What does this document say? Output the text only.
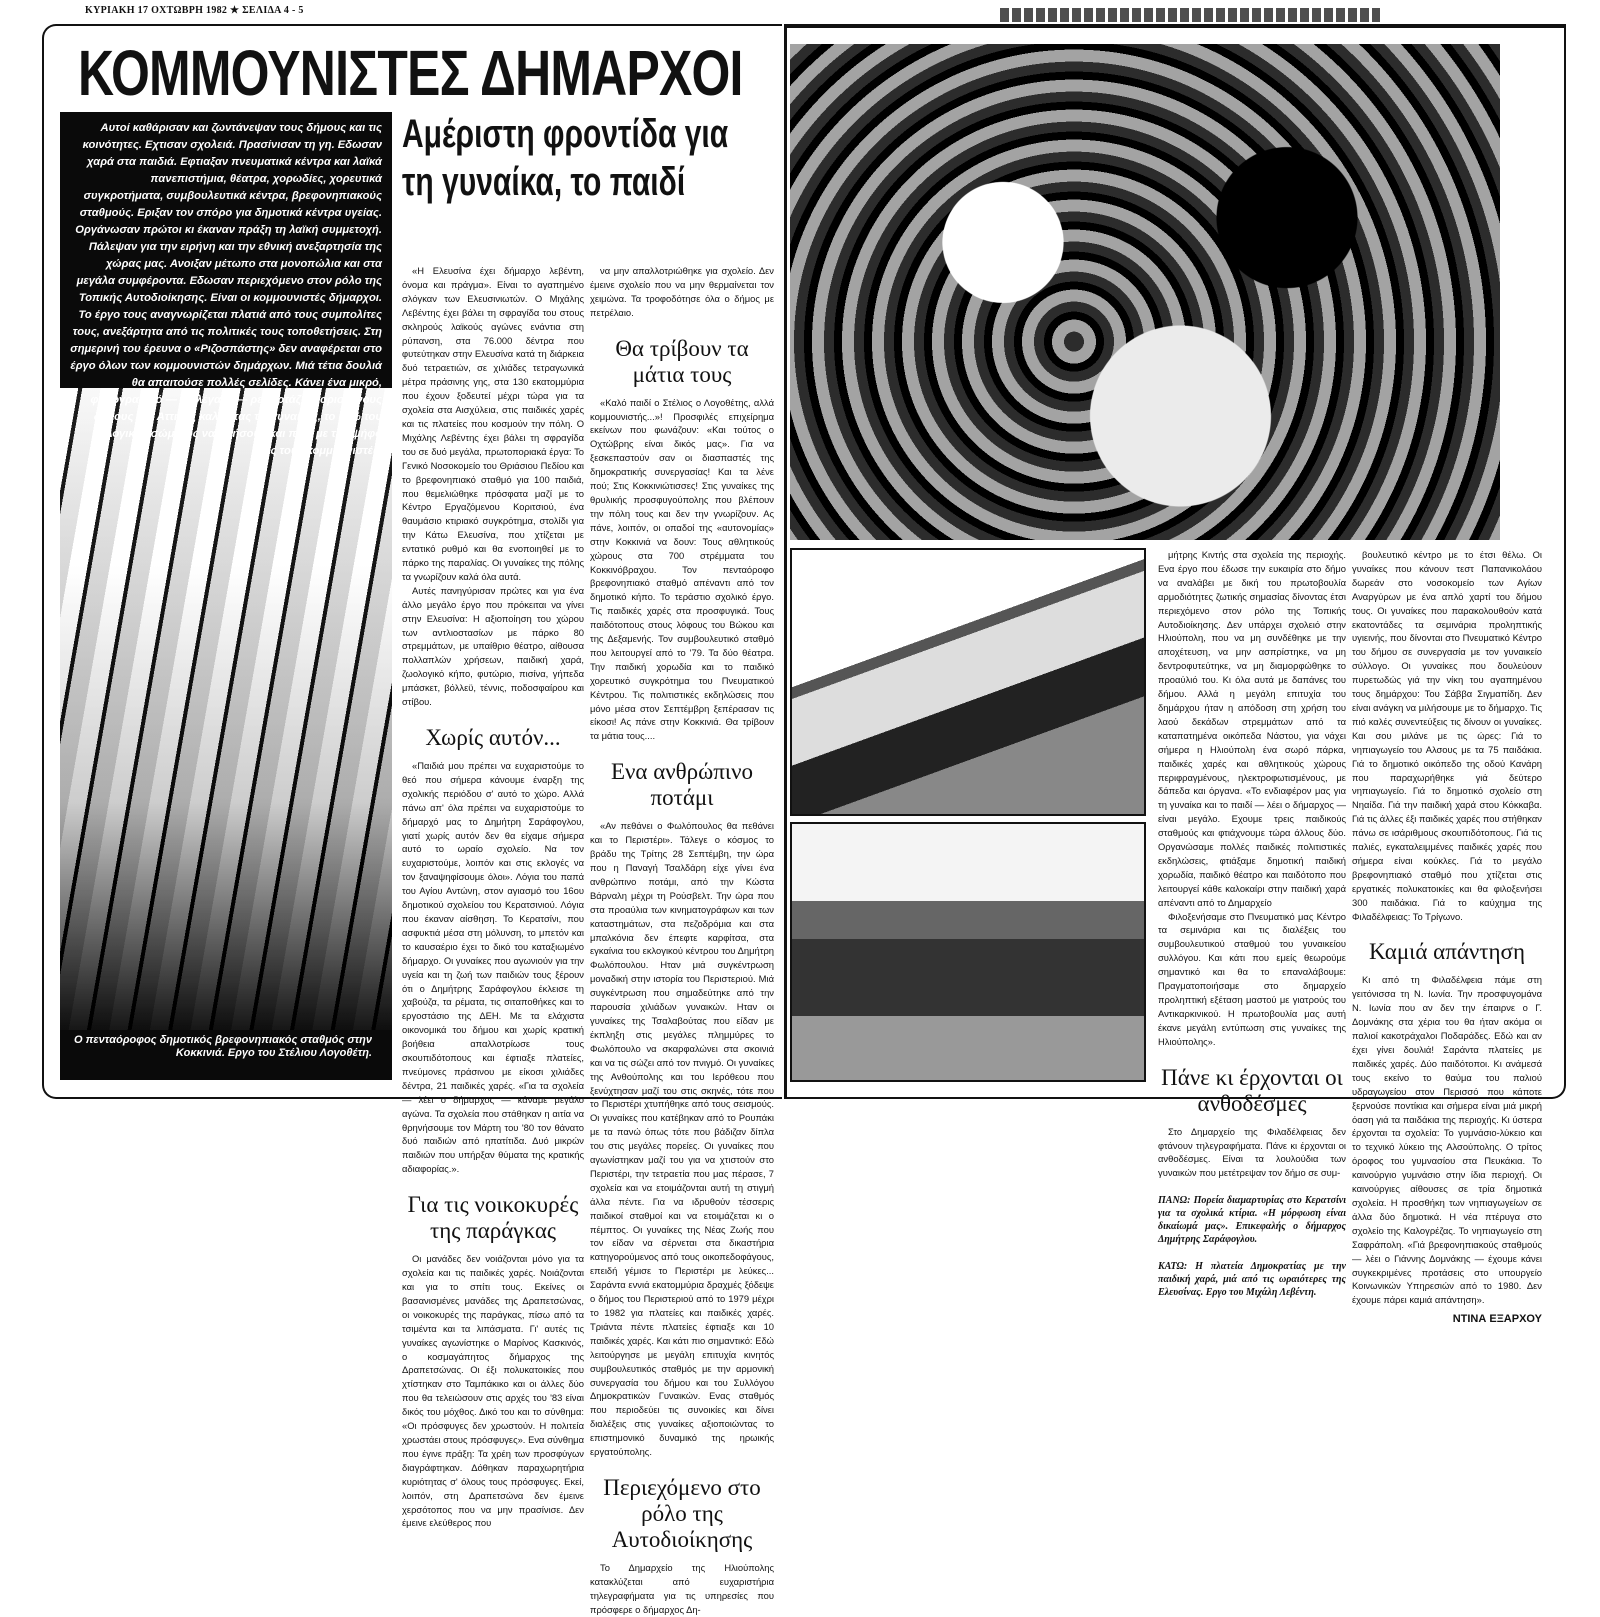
ΚΥΡΙΑΚΗ 17 ΟΧΤΩΒΡΗ 1982 ★ ΣΕΛΙΔΑ 4 - 5
ΚΟΜΜΟΥΝΙΣΤΕΣ ΔΗΜΑΡΧΟΙ
Αυτοί καθάρισαν και ζωντάνεψαν τους δήμους και τις κοινότητες. Εχτισαν σχολειά. Πρασίνισαν τη γη. Εδωσαν χαρά στα παιδιά. Εφτιαξαν πνευματικά κέντρα και λαϊκά πανεπιστήμια, θέατρα, χορωδίες, χορευτικά συγκροτήματα, συμβουλευτικά κέντρα, βρεφονηπιακούς σταθμούς. Εριξαν τον σπόρο για δημοτικά κέντρα υγείας. Οργάνωσαν πρώτοι κι έκαναν πράξη τη λαϊκή συμμετοχή. Πάλεψαν για την ειρήνη και την εθνική ανεξαρτησία της χώρας μας. Ανοιξαν μέτωπο στα μονοπώλια και στα μεγάλα συμφέροντα. Εδωσαν περιεχόμενο στον ρόλο της Τοπικής Αυτοδιοίκησης. Είναι οι κομμουνιστές δήμαρχοι. Το έργο τους αναγνωρίζεται πλατιά από τους συμπολίτες τους, ανεξάρτητα από τις πολιτικές τους τοποθετήσεις. Στη σημερινή του έρευνα ο «Ριζοσπάστης» δεν αναφέρεται στο έργο όλων των κομμουνιστών δημάρχων. Μιά τέτια δουλιά θα απαιτούσε πολλές σελίδες. Κάνει ένα μικρό, φωτογραφικό — θα λέγαμε — ρεπορτάζ σε ορισμένους δήμους της Αττικής καλώντας τις γυναίκες, το 50% του εκλογικού σώματος να τιμήσουν και πάλι με την ψήφο τους τους κομμουνιστές.
Ο πενταόροφος δημοτικός βρεφονηπιακός σταθμός στην Κοκκινιά. Εργο του Στέλιου Λογοθέτη.
Αμέριστη φροντίδα για τη γυναίκα, το παιδί

«Η Ελευσίνα έχει δήμαρχο λεβέντη, όνομα και πράγμα». Είναι το αγαπημένο σλόγκαν των Ελευσινιωτών. Ο Μιχάλης Λεβέντης έχει βάλει τη σφραγίδα του στους σκληρούς λαϊκούς αγώνες ενάντια στη ρύπανση, στα 76.000 δέντρα που φυτεύτηκαν στην Ελευσίνα κατά τη διάρκεια δυό τετραετιών, σε χιλιάδες τετραγωνικά μέτρα πράσινης γης, στα 130 εκατομμύρια που έχουν ξοδευτεί μέχρι τώρα για τα σχολεία στα Αισχύλεια, στις παιδικές χαρές και τις πλατείες που κοσμούν την πόλη. Ο Μιχάλης Λεβέντης έχει βάλει τη σφραγίδα του σε δυό μεγάλα, πρωτοποριακά έργα: Το Γενικό Νοσοκομείο του Θριάσιου Πεδίου και το βρεφονηπιακό σταθμό για 100 παιδιά, που θεμελιώθηκε πρόσφατα μαζί με το Κέντρο Εργαζόμενου Κοριτσιού, ένα θαυμάσιο κτιριακό συγκρότημα, στολίδι για την Κάτω Ελευσίνα, που χτίζεται με εντατικό ρυθμό και θα ενοποιηθεί με το πάρκο της παραλίας. Οι γυναίκες της πόλης τα γνωρίζουν καλά όλα αυτά.

Αυτές πανηγύρισαν πρώτες και για ένα άλλο μεγάλο έργο που πρόκειται να γίνει στην Ελευσίνα: Η αξιοποίηση του χώρου των αντλιοστασίων με πάρκο 80 στρεμμάτων, με υπαίθριο θέατρο, αίθουσα πολλαπλών χρήσεων, παιδική χαρά, ζωολογικό κήπο, φυτώριο, πισίνα, γήπεδα μπάσκετ, βόλλεϋ, τέννις, ποδοσφαίρου και στίβου.

Χωρίς αυτόν...

«Παιδιά μου πρέπει να ευχαριστούμε το θεό που σήμερα κάνουμε έναρξη της σχολικής περιόδου σ' αυτό το χώρο. Αλλά πάνω απ' όλα πρέπει να ευχαριστούμε το δήμαρχό μας το Δημήτρη Σαράφογλου, γιατί χωρίς αυτόν δεν θα είχαμε σήμερα αυτό το ωραίο σχολείο. Να τον ευχαριστούμε, λοιπόν και στις εκλογές να τον ξαναψηφίσουμε όλοι». Λόγια του παπά του Αγίου Αντώνη, στον αγιασμό του 16ου δημοτικού σχολείου του Κερατσινιού. Λόγια που έκαναν αίσθηση. Το Κερατσίνι, που ασφυκτιά μέσα στη μόλυνση, το μπετόν και το καυσαέριο έχει το δικό του καταξιωμένο δήμαρχο. Οι γυναίκες που αγωνιούν για την υγεία και τη ζωή των παιδιών τους ξέρουν ότι ο Δημήτρης Σαράφογλου έκλεισε τη χαβούζα, τα ρέματα, τις σιταποθήκες και το εργοστάσιο της ΔΕΗ. Με τα ελάχιστα οικονομικά του δήμου και χωρίς κρατική βοήθεια απαλλοτρίωσε τους σκουπιδότοπους και έφτιαξε πλατείες, πνεύμονες πράσινου με είκοσι χιλιάδες δέντρα, 21 παιδικές χαρές. «Για τα σχολεία — λέει ο δήμαρχος — κάναμε μεγάλο αγώνα. Τα σχολεία που στάθηκαν η αιτία να θρηνήσουμε τον Μάρτη του '80 τον θάνατο δυό παιδιών από ηπατίτιδα. Δυό μικρών παιδιών που υπήρξαν θύματα της κρατικής αδιαφορίας.».

Για τις νοικοκυρές της παράγκας

Οι μανάδες δεν νοιάζονται μόνο για τα σχολεία και τις παιδικές χαρές. Νοιάζονται και για το σπίτι τους. Εκείνες οι βασανισμένες μανάδες της Δραπετσώνας, οι νοικοκυρές της παράγκας, πίσω από τα τσιμέντα και τα λιπάσματα. Γι' αυτές τις γυναίκες αγωνίστηκε ο Μαρίνος Κασκινός, ο κοσμαγάπητος δήμαρχος της Δραπετσώνας. Οι έξι πολυκατοικίες που χτίστηκαν στο Ταμπάκικο και οι άλλες δύο που θα τελειώσουν στις αρχές του '83 είναι δικός του μόχθος. Δικό του και το σύνθημα: «Οι πρόσφυγες δεν χρωστούν. Η πολιτεία χρωστάει στους πρόσφυγες». Ενα σύνθημα που έγινε πράξη: Τα χρέη των προσφύγων διαγράφτηκαν. Δόθηκαν παραχωρητήρια κυριότητας σ' όλους τους πρόσφυγες. Εκεί, λοιπόν, στη Δραπετσώνα δεν έμεινε χερσότοπος που να μην πρασίνισε. Δεν έμεινε ελεύθερος που

να μην απαλλοτριώθηκε για σχολείο. Δεν έμεινε σχολείο που να μην θερμαίνεται τον χειμώνα. Τα τροφοδότησε όλα ο δήμος με πετρέλαιο.

Θα τρίβουν τα μάτια τους

«Καλό παιδί ο Στέλιος ο Λογοθέτης, αλλά κομμουνιστής...»! Προσφιλές επιχείρημα εκείνων που φωνάζουν: «Και τούτος ο Οχτώβρης είναι δικός μας». Για να ξεσκεπαστούν σαν οι διασπαστές της δημοκρατικής συνεργασίας! Και τα λένε πού; Στις Κοκκινιώτισσες! Στις γυναίκες της θρυλικής προσφυγούπολης που βλέπουν την πόλη τους και δεν την γνωρίζουν. Ας πάνε, λοιπόν, οι οπαδοί της «αυτονομίας» στην Κοκκινιά να δουν: Τους αθλητικούς χώρους στα 700 στρέμματα του Κοκκινόβραχου. Τον πενταόροφο βρεφονηπιακό σταθμό απέναντι από τον δημοτικό κήπο. Το τεράστιο σχολικό έργο. Τις παιδικές χαρές στα προσφυγικά. Τους παιδότοπους στους λόφους του Βώκου και της Δεξαμενής. Τον συμβουλευτικό σταθμό που λειτουργεί από το '79. Τα δύο θέατρα. Την παιδική χορωδία και το παιδικό χορευτικό συγκρότημα του Πνευματικού Κέντρου. Τις πολιτιστικές εκδηλώσεις που μόνο μέσα στον Σεπτέμβρη ξεπέρασαν τις είκοσι! Ας πάνε στην Κοκκινιά. Θα τρίβουν τα μάτια τους....

Ενα ανθρώπινο ποτάμι

«Αν πεθάνει ο Φωλόπουλος θα πεθάνει και το Περιστέρι». Τάλεγε ο κόσμος το βράδυ της Τρίτης 28 Σεπτέμβη, την ώρα που η Παναγή Τσαλδάρη είχε γίνει ένα ανθρώπινο ποτάμι, από την Κώστα Βάρναλη μέχρι τη Ρούσβελτ. Την ώρα που στα προαύλια των κινηματογράφων και των καταστημάτων, στα πεζοδρόμια και στα μπαλκόνια δεν έπεφτε καρφίτσα, στα εγκαίνια του εκλογικού κέντρου του Δημήτρη Φωλόπουλου. Ηταν μιά συγκέντρωση μοναδική στην ιστορία του Περιστεριού. Μιά συγκέντρωση που σημαδεύτηκε από την παρουσία χιλιάδων γυναικών. Ηταν οι γυναίκες της Τσαλαβούτας που είδαν με έκπληξη στις μεγάλες πλημμύρες το Φωλόπουλο να σκαρφαλώνει στα σκοινιά και να τις σώζει από τον πνιγμό. Οι γυναίκες της Ανθούπολης και του Ιερόθεου που ξενύχτησαν μαζί του στις σκηνές, τότε που το Περιστέρι χτυπήθηκε από τους σεισμούς. Οι γυναίκες που κατέβηκαν από το Ρουπάκι με τα πανώ όπως τότε που βάδιζαν δίπλα του στις μεγάλες πορείες. Οι γυναίκες που αγωνίστηκαν μαζί του για να χτιστούν στο Περιστέρι, την τετραετία που μας πέρασε, 7 σχολεία και να ετοιμάζονται αυτή τη στιγμή άλλα πέντε. Για να ιδρυθούν τέσσερις παιδικοί σταθμοί και να ετοιμάζεται κι ο πέμπτος. Οι γυναίκες της Νέας Ζωής που τον είδαν να σέρνεται στα δικαστήρια κατηγορούμενος από τους οικοπεδοφάγους, επειδή γέμισε το Περιστέρι με λεύκες... Σαράντα εννιά εκατομμύρια δραχμές ξόδεψε ο δήμος του Περιστεριού από το 1979 μέχρι το 1982 για πλατείες και παιδικές χαρές. Τριάντα πέντε πλατείες έφτιαξε και 10 παιδικές χαρές. Και κάτι πιο σημαντικό: Εδώ λειτούργησε με μεγάλη επιτυχία κινητός συμβουλευτικός σταθμός με την αρμονική συνεργασία του δήμου και του Συλλόγου Δημοκρατικών Γυναικών. Ενας σταθμός που περιοδεύει τις συνοικίες και δίνει διαλέξεις στις γυναίκες αξιοποιώντας το επιστημονικό δυναμικό της ηρωικής εργατούπολης.

Περιεχόμενο στο ρόλο της Αυτοδιοίκησης

Το Δημαρχείο της Ηλιούπολης κατακλύζεται από ευχαριστήρια τηλεγραφήματα για τις υπηρεσίες που πρόσφερε ο δήμαρχος Δη-

μήτρης Κιντής στα σχολεία της περιοχής. Ενα έργο που έδωσε την ευκαιρία στο δήμο να αναλάβει με δική του πρωτοβουλία αρμοδιότητες ζωτικής σημασίας δίνοντας έτσι περιεχόμενο στον ρόλο της Τοπικής Αυτοδιοίκησης. Δεν υπάρχει σχολειό στην Ηλιούπολη, που να μη συνδέθηκε με την αποχέτευση, να μην ασπρίστηκε, να μη δεντροφυτεύτηκε, να μη διαμορφώθηκε το προαύλιό του. Κι όλα αυτά με δαπάνες του δήμου. Αλλά η μεγάλη επιτυχία του δημάρχου ήταν η απόδοση στη χρήση του λαού δεκάδων στρεμμάτων από τα καταπατημένα οικόπεδα Νάστου, για νάχει σήμερα η Ηλιούπολη ένα σωρό πάρκα, παιδικές χαρές και αθλητικούς χώρους περιφραγμένους, ηλεκτροφωτισμένους, με δάπεδα και όργανα. «Το ενδιαφέρον μας για τη γυναίκα και το παιδί — λέει ο δήμαρχος — είναι μεγάλο. Εχουμε τρεις παιδικούς σταθμούς και φτιάχνουμε τώρα άλλους δύο. Οργανώσαμε πολλές παιδικές πολιτιστικές εκδηλώσεις, φτιάξαμε δημοτική παιδική χορωδία, παιδικό θέατρο και παιδότοπο που λειτουργεί κάθε καλοκαίρι στην παιδική χαρά απέναντι από το Δημαρχείο

Φιλοξενήσαμε στο Πνευματικό μας Κέντρο τα σεμινάρια και τις διαλέξεις του συμβουλευτικού σταθμού του γυναικείου συλλόγου. Και κάτι που εμείς θεωρούμε σημαντικό και θα το επαναλάβουμε: Πραγματοποιήσαμε στο δημαρχείο προληπτική εξέταση μαστού με γιατρούς του Αντικαρκινικού. Η πρωτοβουλία μας αυτή έκανε μεγάλη εντύπωση στις γυναίκες της Ηλιούπολης».

Πάνε κι έρχονται οι ανθοδέσμες

Στο Δημαρχείο της Φιλαδέλφειας δεν φτάνουν τηλεγραφήματα. Πάνε κι έρχονται οι ανθοδέσμες. Είναι τα λουλούδια των γυναικών που μετέτρεψαν τον δήμο σε συμ-

ΠΑΝΩ: Πορεία διαμαρτυρίας στο Κερατσίνι για τα σχολικά κτίρια. «Η μόρφωση είναι δικαίωμά μας». Επικεφαλής ο δήμαρχος Δημήτρης Σαράφογλου.
ΚΑΤΩ: Η πλατεία Δημοκρατίας με την παιδική χαρά, μιά από τις ωραιότερες της Ελευσίνας. Εργο του Μιχάλη Λεβέντη.

βουλευτικό κέντρο με το έτσι θέλω. Οι γυναίκες που κάνουν τεστ Παπανικολάου δωρεάν στο νοσοκομείο των Αγίων Αναργύρων με ένα απλό χαρτί του δήμου τους. Οι γυναίκες που παρακολουθούν κατά εκατοντάδες τα σεμινάρια προληπτικής υγιεινής, που δίνονται στο Πνευματικό Κέντρο του δήμου σε συνεργασία με τον γυναικείο σύλλογο. Οι γυναίκες που δουλεύουν πυρετωδώς γιά την νίκη του αγαπημένου τους δημάρχου: Του Σάββα Σιγμαπίδη. Δεν είναι ανάγκη να μιλήσουμε με το δήμαρχο. Τις πιό καλές συνεντεύξεις τις δίνουν οι γυναίκες. Και σου μιλάνε με τις ώρες: Γιά το νηπιαγωγείο του Αλσους με τα 75 παιδάκια. Γιά το δημοτικό οικόπεδο της οδού Κανάρη που παραχωρήθηκε γιά δεύτερο νηπιαγωγείο. Γιά το δημοτικό σχολείο στη Νηαίδα. Γιά την παιδική χαρά στου Κόκκαβα. Γιά τις άλλες έξι παιδικές χαρές που στήθηκαν πάνω σε ισάριθμους σκουπιδότοπους. Γιά τις παλιές, εγκαταλειμμένες παιδικές χαρές που σήμερα είναι κούκλες. Γιά το μεγάλο βρεφονηπιακό σταθμό που χτίζεται στις εργατικές πολυκατοικίες και θα φιλοξενήσει 300 παιδάκια. Γιά το καύχημα της Φιλαδέλφειας: Το Τρίγωνο.

Καμιά απάντηση

Κι από τη Φιλαδέλφεια πάμε στη γειτόνισσα τη Ν. Ιωνία. Την προσφυγομάνα Ν. Ιωνία που αν δεν την έπαιρνε ο Γ. Δομνάκης στα χέρια του θα ήταν ακόμα οι παλιοί κακοτράχαλοι Ποδαράδες. Εδώ και αν έχει γίνει δουλιά! Σαράντα πλατείες με παιδικές χαρές. Δύο παιδότοποι. Κι ανάμεσά τους εκείνο το θαύμα του παλιού υδραγωγείου στον Περισσό που κάποτε ξερνούσε ποντίκια και σήμερα είναι μιά μικρή όαση γιά τα παιδάκια της περιοχής. Κι ύστερα έρχονται τα σχολεία: Το γυμνάσιο-λύκειο και το τεχνικό λύκειο της Αλσούπολης. Ο τρίτος όροφος του γυμνασίου στα Πευκάκια. Το καινούργιο γυμνάσιο στην ίδια περιοχή. Οι καινούργιες αίθουσες σε τρία δημοτικά σχολεία. Η προσθήκη των νηπιαγωγείων σε άλλα δύο δημοτικά. Η νέα πτέρυγα στο σχολείο της Καλογρέζας. Το νηπιαγωγείο στη Σαφράπολη. «Γιά βρεφονηπιακούς σταθμούς — λέει ο Γιάννης Δομνάκης — έχουμε κάνει συγκεκριμένες προτάσεις στο υπουργείο Κοινωνικών Υπηρεσιών από το 1980. Δεν έχουμε πάρει καμιά απάντηση».

ΝΤΙΝΑ ΕΞΑΡΧΟΥ
